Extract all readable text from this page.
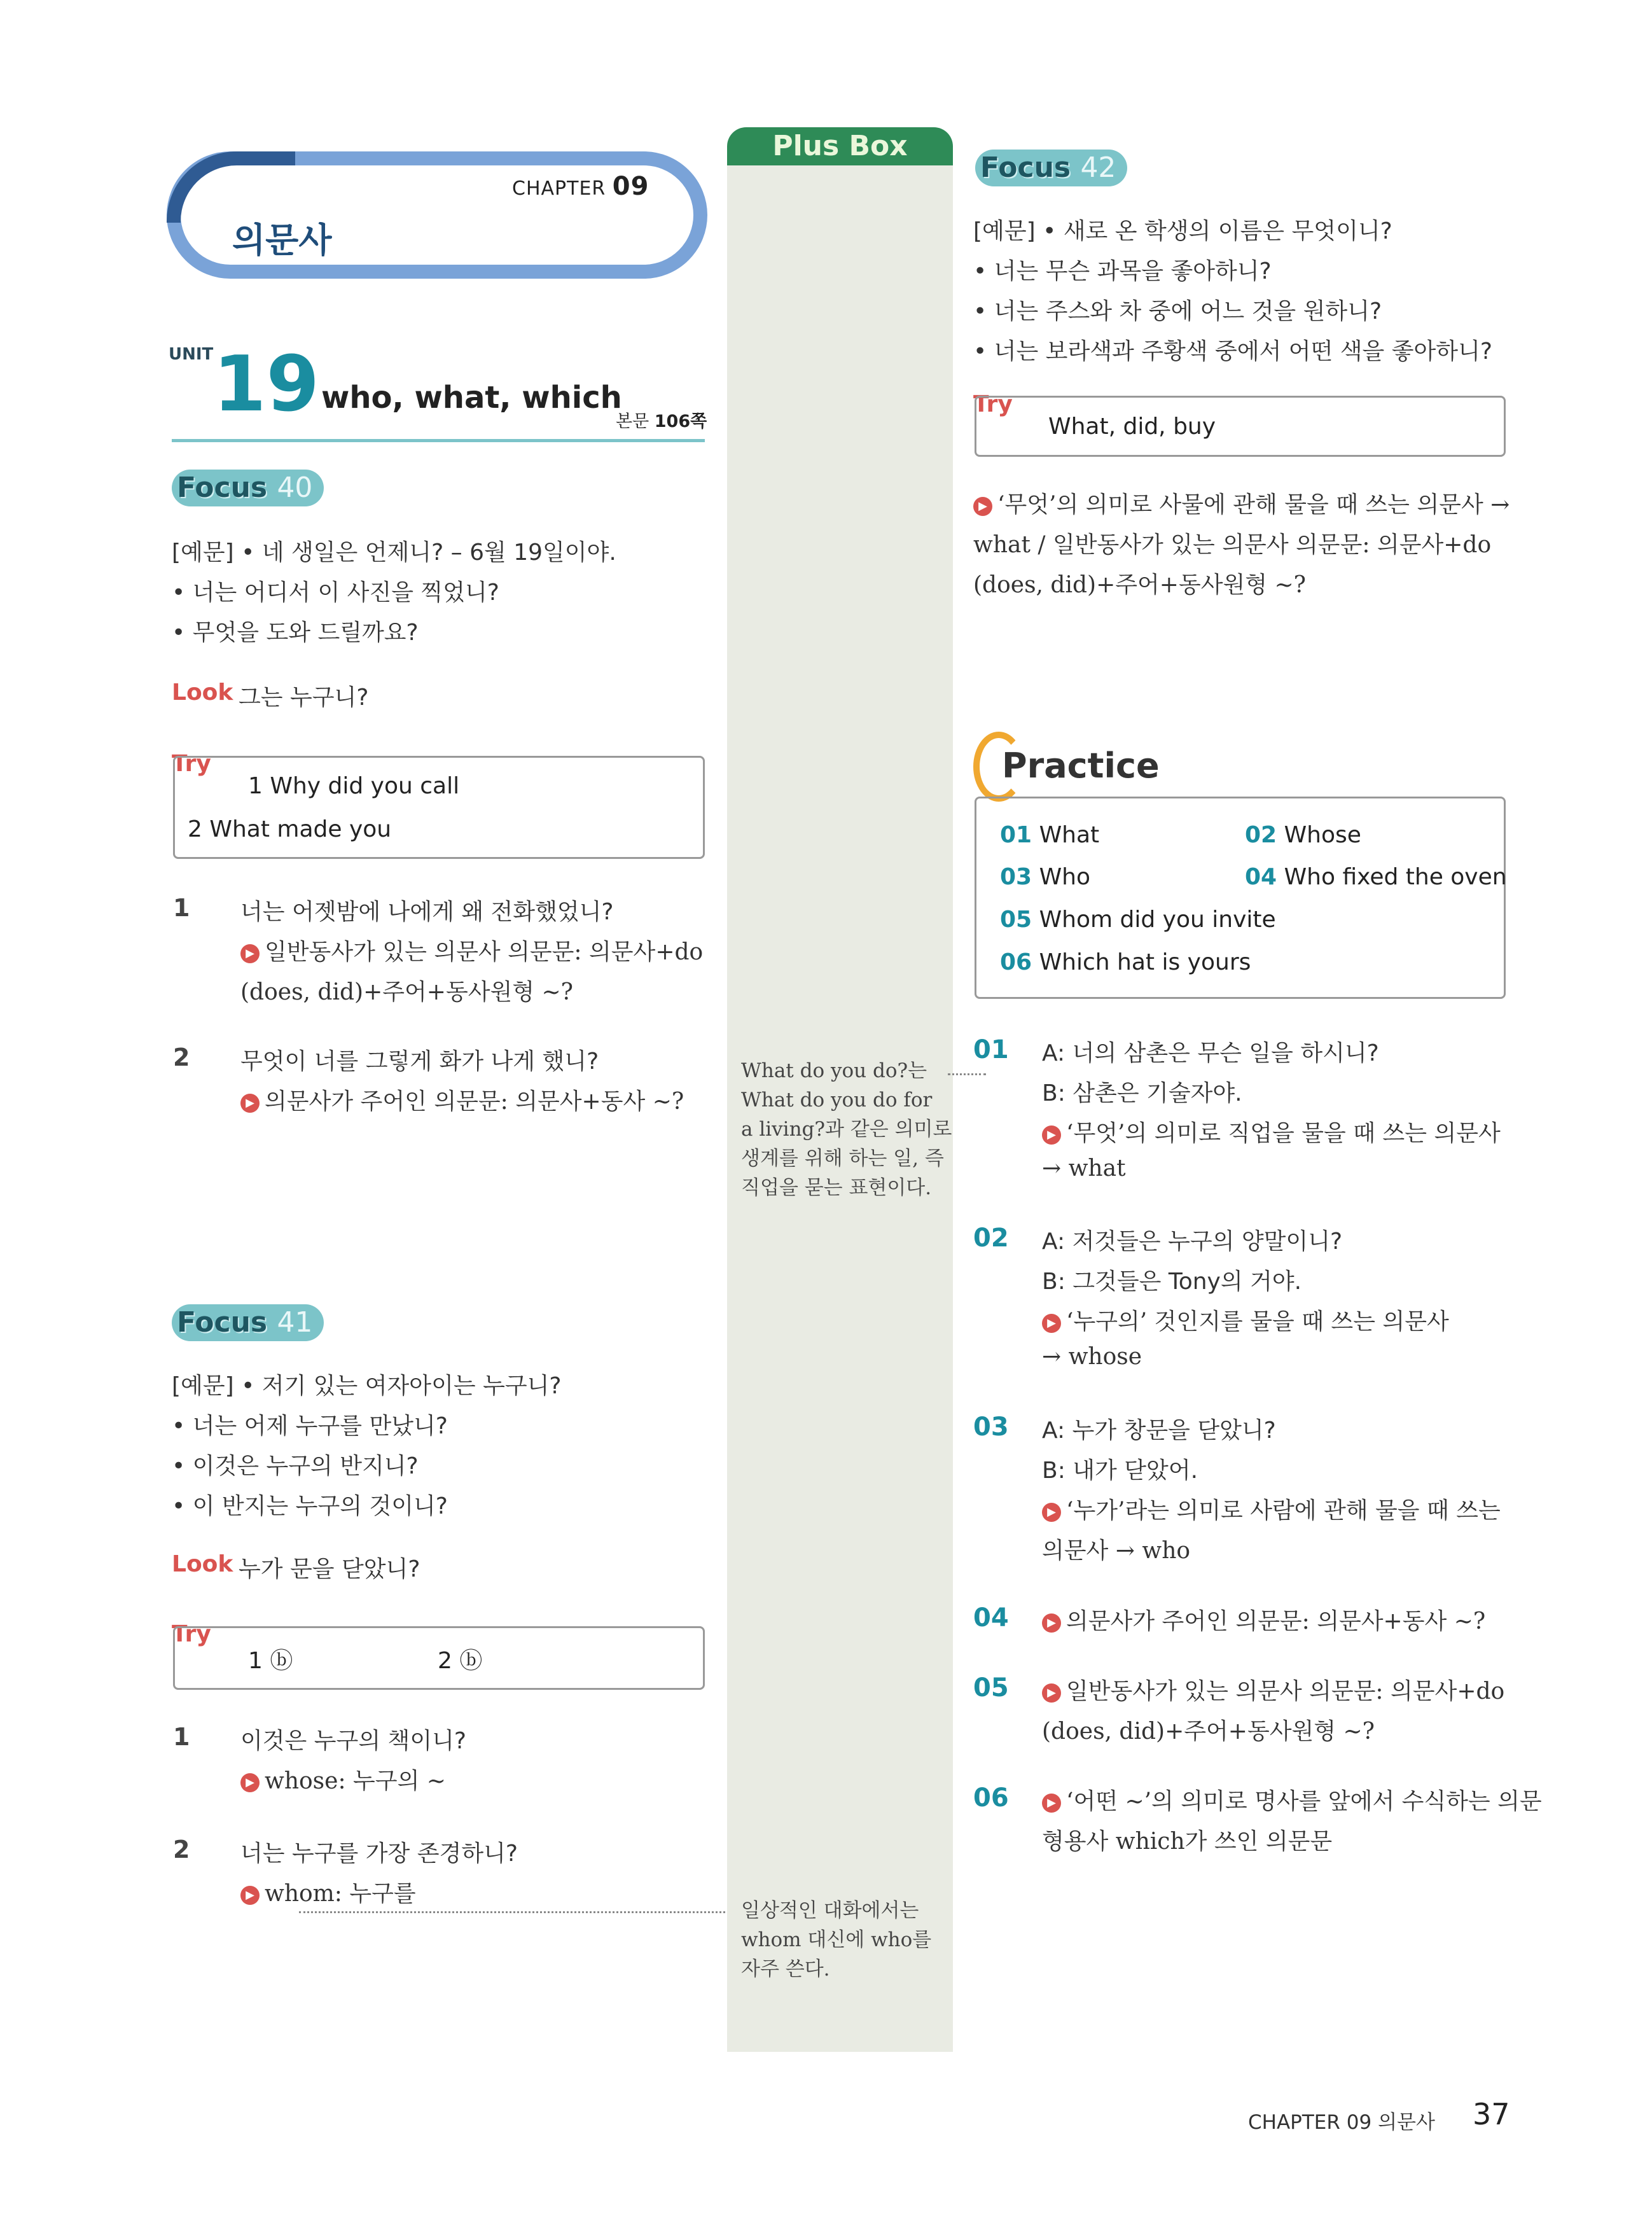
CHAPTER 09
의문사
UNIT 19 who, what, which
본문 106쪽
Focus 40
[예문] • 네 생일은 언제니? – 6월 19일이야.
• 너는 어디서 이 사진을 찍었니?
• 무엇을 도와 드릴까요?
Look 그는 누구니?
Try
1 Why did you call
2 What made you
1 너는 어젯밤에 나에게 왜 전화했었니?
▶ 일반동사가 있는 의문사 의문문: 의문사+do
(does, did)+주어+동사원형 ~?
2 무엇이 너를 그렇게 화가 나게 했니?
▶ 의문사가 주어인 의문문: 의문사+동사 ~?
Focus 41
[예문] • 저기 있는 여자아이는 누구니?
• 너는 어제 누구를 만났니?
• 이것은 누구의 반지니?
• 이 반지는 누구의 것이니?
Look 누가 문을 닫았니?
Try
1 ⓑ	2 ⓑ
1 이것은 누구의 책이니?
▶ whose: 누구의 ~
2 너는 누구를 가장 존경하니?
▶ whom: 누구를
Plus Box
What do you do?는
What do you do for
a living?과 같은 의미로
생계를 위해 하는 일, 즉
직업을 묻는 표현이다.
일상적인 대화에서는
whom 대신에 who를
자주 쓴다.
Focus 42
[예문] • 새로 온 학생의 이름은 무엇이니?
• 너는 무슨 과목을 좋아하니?
• 너는 주스와 차 중에 어느 것을 원하니?
• 너는 보라색과 주황색 중에서 어떤 색을 좋아하니?
Try
What, did, buy
▶ ‘무엇’의 의미로 사물에 관해 물을 때 쓰는 의문사 →
what / 일반동사가 있는 의문사 의문문: 의문사+do
(does, did)+주어+동사원형 ~?
Practice
01 What	02 Whose
03 Who	04 Who fixed the oven
05 Whom did you invite
06 Which hat is yours
01 A: 너의 삼촌은 무슨 일을 하시니?
B: 삼촌은 기술자야.
▶ ‘무엇’의 의미로 직업을 물을 때 쓰는 의문사
→ what
02 A: 저것들은 누구의 양말이니?
B: 그것들은 Tony의 거야.
▶ ‘누구의’ 것인지를 물을 때 쓰는 의문사
→ whose
03 A: 누가 창문을 닫았니?
B: 내가 닫았어.
▶ ‘누가’라는 의미로 사람에 관해 물을 때 쓰는
의문사 → who
04	▶ 의문사가 주어인 의문문: 의문사+동사 ~?
05	▶ 일반동사가 있는 의문사 의문문: 의문사+do
(does, did)+주어+동사원형 ~?
06	▶ ‘어떤 ~’의 의미로 명사를 앞에서 수식하는 의문
형용사 which가 쓰인 의문문
CHAPTER 09 의문사 37
